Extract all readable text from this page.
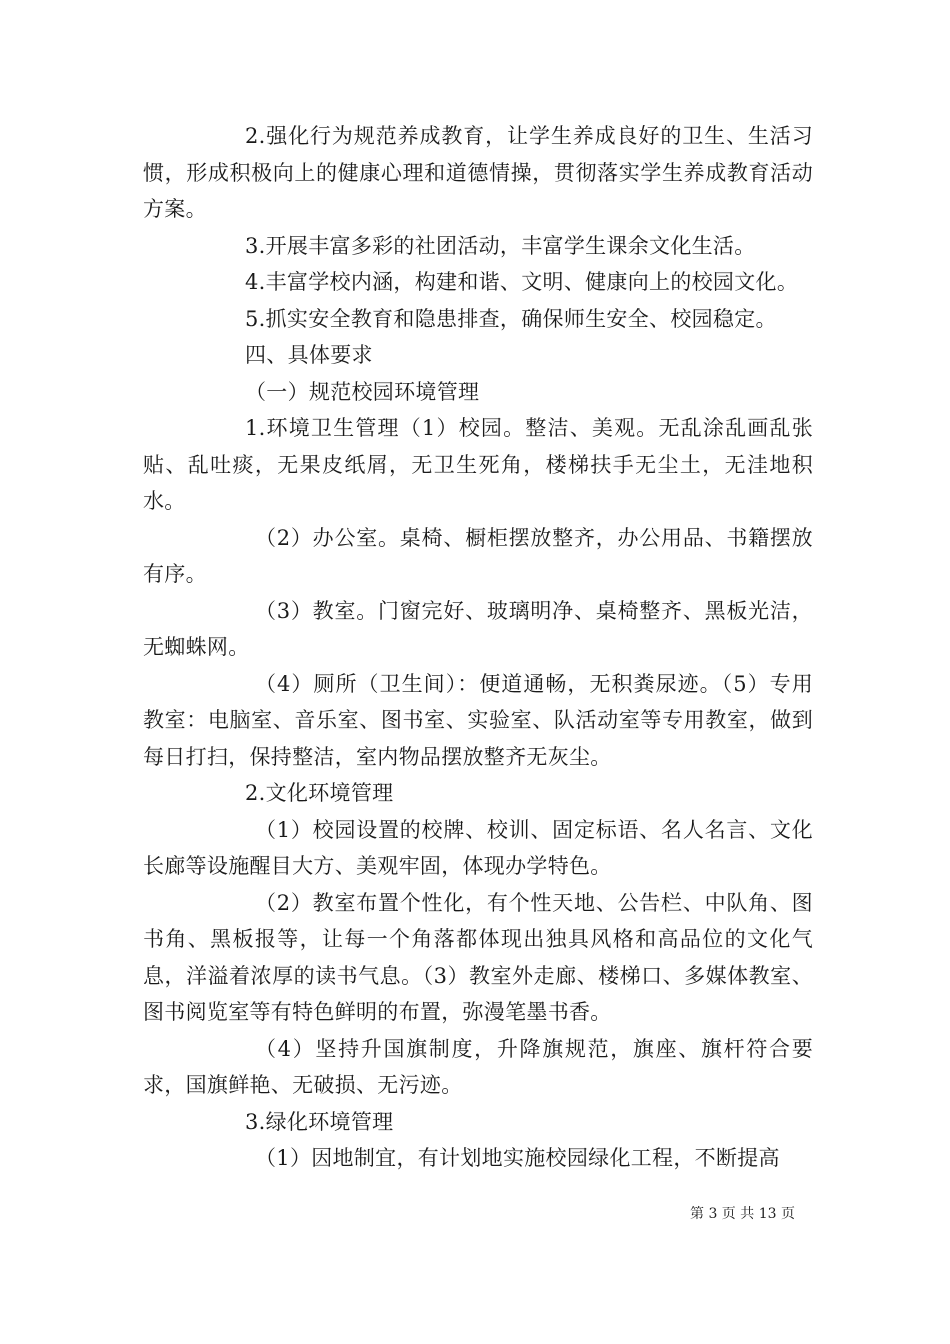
2.强化行为规范养成教育，让学生养成良好的卫生、生活习惯，形成积极向上的健康心理和道德情操，贯彻落实学生养成教育活动方案。

3.开展丰富多彩的社团活动，丰富学生课余文化生活。

4.丰富学校内涵，构建和谐、文明、健康向上的校园文化。

5.抓实安全教育和隐患排查，确保师生安全、校园稳定。

四、具体要求

（一）规范校园环境管理

1.环境卫生管理（1）校园。整洁、美观。无乱涂乱画乱张贴、乱吐痰，无果皮纸屑，无卫生死角，楼梯扶手无尘土，无洼地积水。

（2）办公室。桌椅、橱柜摆放整齐，办公用品、书籍摆放有序。

（3）教室。门窗完好、玻璃明净、桌椅整齐、黑板光洁，无蜘蛛网。

（4）厕所（卫生间）：便道通畅，无积粪尿迹。（5）专用教室：电脑室、音乐室、图书室、实验室、队活动室等专用教室，做到每日打扫，保持整洁，室内物品摆放整齐无灰尘。

2.文化环境管理

（1）校园设置的校牌、校训、固定标语、名人名言、文化长廊等设施醒目大方、美观牢固，体现办学特色。

（2）教室布置个性化，有个性天地、公告栏、中队角、图书角、黑板报等，让每一个角落都体现出独具风格和高品位的文化气息，洋溢着浓厚的读书气息。（3）教室外走廊、楼梯口、多媒体教室、图书阅览室等有特色鲜明的布置，弥漫笔墨书香。

（4）坚持升国旗制度，升降旗规范，旗座、旗杆符合要求，国旗鲜艳、无破损、无污迹。

3.绿化环境管理

（1）因地制宜，有计划地实施校园绿化工程，不断提高

第 3 页 共 13 页
